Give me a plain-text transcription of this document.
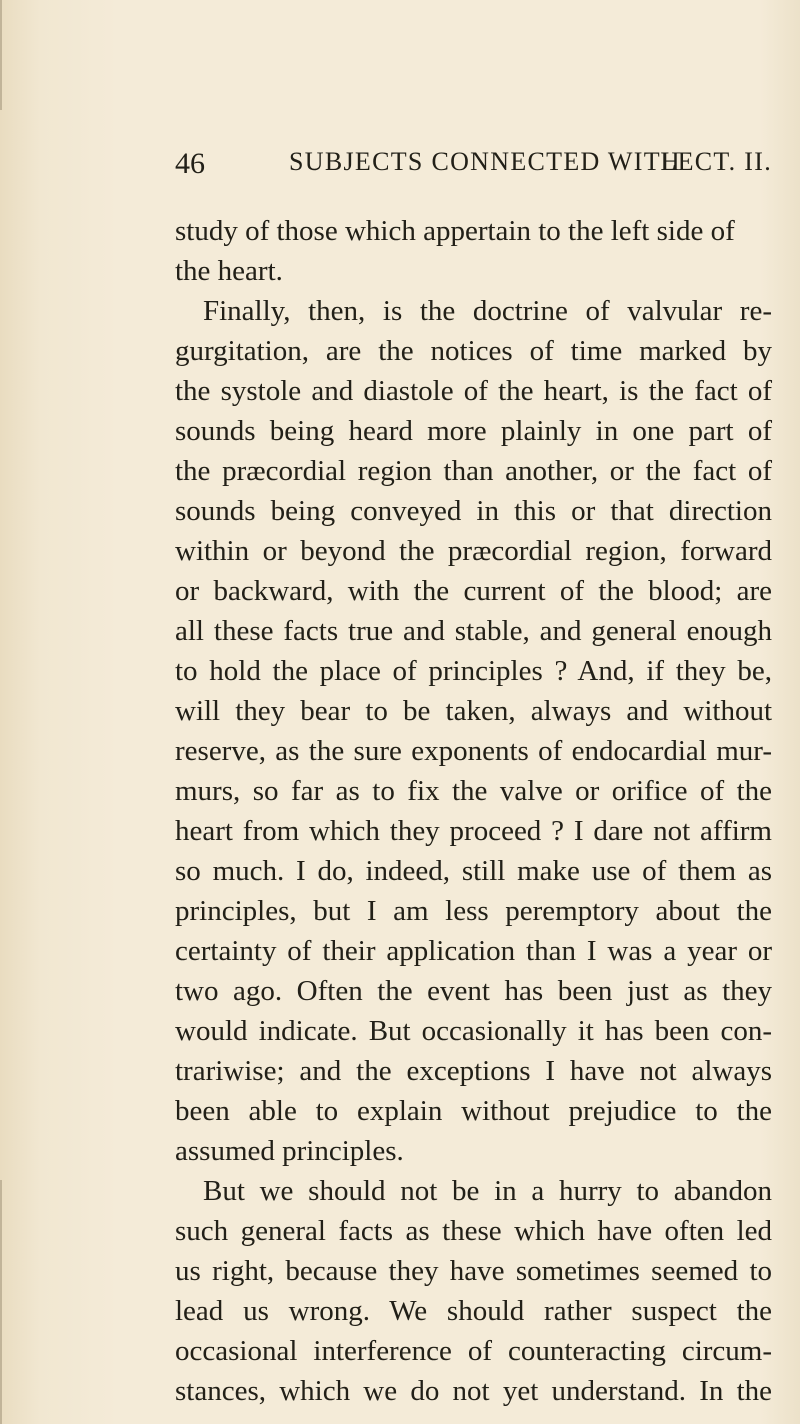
46	SUBJECTS CONNECTED WITH
LECT. II.
study of those which appertain to the left side of
the heart.
Finally, then, is the doctrine of valvular re-
gurgitation, are the notices of time marked by
the systole and diastole of the heart, is the fact of
sounds being heard more plainly in one part of
the præcordial region than another, or the fact of
sounds being conveyed in this or that direction
within or beyond the præcordial region, forward
or backward, with the current of the blood; are
all these facts true and stable, and general enough
to hold the place of principles ? And, if they be,
will they bear to be taken, always and without
reserve, as the sure exponents of endocardial mur-
murs, so far as to fix the valve or orifice of the
heart from which they proceed ? I dare not affirm
so much. I do, indeed, still make use of them as
principles, but I am less peremptory about the
certainty of their application than I was a year or
two ago. Often the event has been just as they
would indicate. But occasionally it has been con-
trariwise; and the exceptions I have not always
been able to explain without prejudice to the
assumed principles.
But we should not be in a hurry to abandon
such general facts as these which have often led
us right, because they have sometimes seemed to
lead us wrong. We should rather suspect the
occasional interference of counteracting circum-
stances, which we do not yet understand. In the
